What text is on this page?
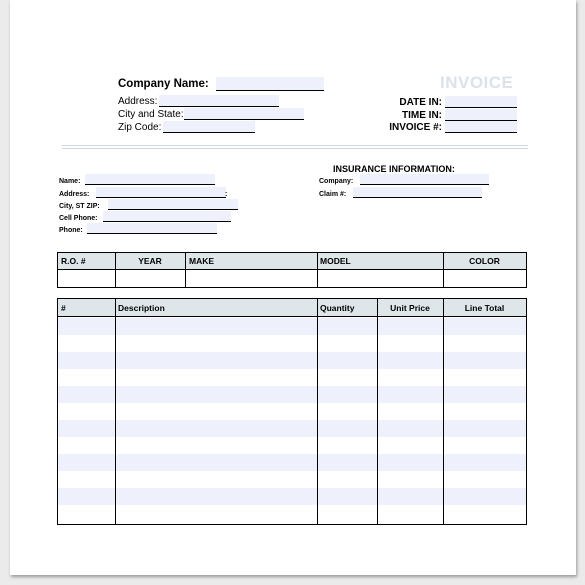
Company Name:
Address:
City and State:
Zip Code:
INVOICE
DATE IN:
TIME IN:
INVOICE #:
Name:
Address:	:
City, ST ZIP:
Cell Phone:
Phone:
INSURANCE INFORMATION:
Company:
Claim #:
R.O. #	YEAR	MAKE	MODEL	COLOR
#	Description	Quantity	Unit Price	Line Total
